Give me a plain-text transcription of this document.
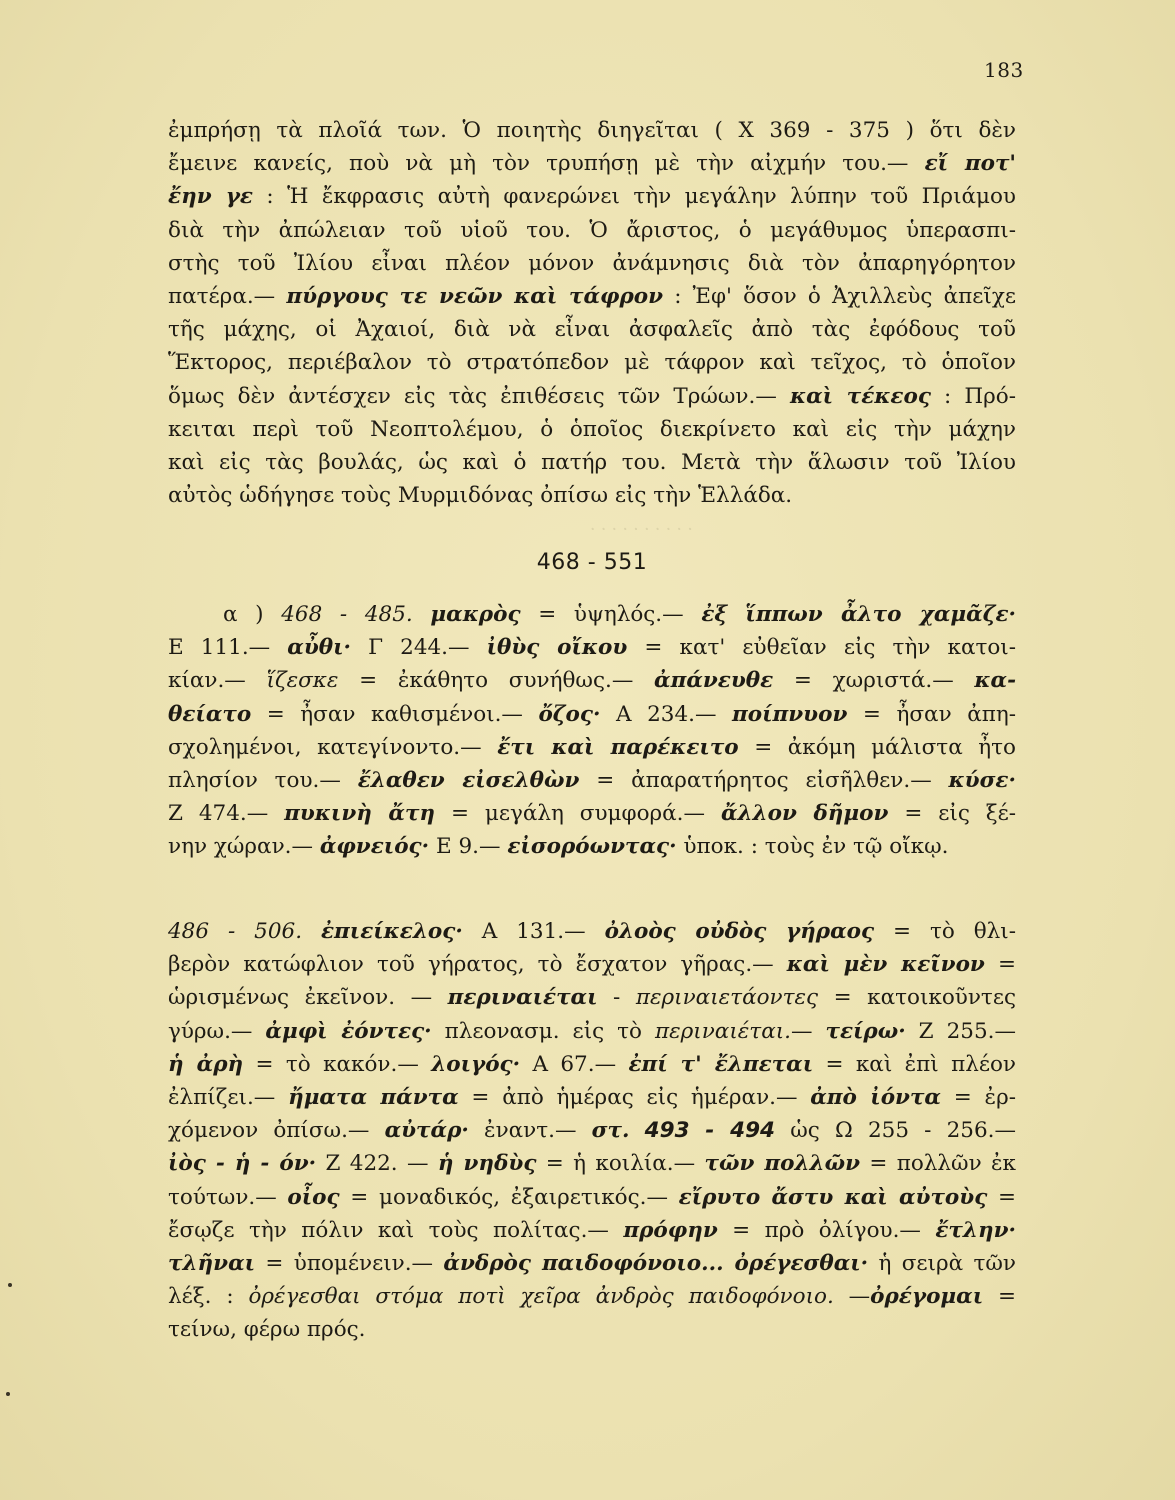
· · · · · · · · · ·
183
ἐμπρήσῃ τὰ πλοῖά των. Ὁ ποιητὴς διηγεῖται ( Χ 369 - 375 ) ὅτι δὲν
ἔμεινε κανείς, ποὺ νὰ μὴ τὸν τρυπήσῃ μὲ τὴν αἰχμήν του.— εἴ ποτ'
ἔην γε : Ἡ ἔκφρασις αὐτὴ φανερώνει τὴν μεγάλην λύπην τοῦ Πριάμου
διὰ τὴν ἀπώλειαν τοῦ υἱοῦ του. Ὁ ἄριστος, ὁ μεγάθυμος ὑπερασπι-
στὴς τοῦ Ἰλίου εἶναι πλέον μόνον ἀνάμνησις διὰ τὸν ἀπαρηγόρητον
πατέρα.— πύργους τε νεῶν καὶ τάφρον : Ἐφ' ὅσον ὁ Ἀχιλλεὺς ἀπεῖχε
τῆς μάχης, οἱ Ἀχαιοί, διὰ νὰ εἶναι ἀσφαλεῖς ἀπὸ τὰς ἐφόδους τοῦ
Ἕκτορος, περιέβαλον τὸ στρατόπεδον μὲ τάφρον καὶ τεῖχος, τὸ ὁποῖον
ὅμως δὲν ἀντέσχεν εἰς τὰς ἐπιθέσεις τῶν Τρώων.— καὶ τέκεος : Πρό-
κειται περὶ τοῦ Νεοπτολέμου, ὁ ὁποῖος διεκρίνετο καὶ εἰς τὴν μάχην
καὶ εἰς τὰς βουλάς, ὡς καὶ ὁ πατήρ του. Μετὰ τὴν ἅλωσιν τοῦ Ἰλίου
αὐτὸς ὡδήγησε τοὺς Μυρμιδόνας ὀπίσω εἰς τὴν Ἑλλάδα.
468 - 551
α ) 468 - 485. μακρὸς = ὑψηλός.— ἐξ ἵππων ἆλτο χαμᾶζε·
Ε 111.— αὖθι· Γ 244.— ἰθὺς οἴκου = κατ' εὐθεῖαν εἰς τὴν κατοι-
κίαν.— ἵζεσκε = ἐκάθητο συνήθως.— ἀπάνευθε = χωριστά.— κα-
θείατο = ἦσαν καθισμένοι.— ὄζος· Α 234.— ποίπνυον = ἦσαν ἀπη-
σχολημένοι, κατεγίνοντο.— ἔτι καὶ παρέκειτο = ἀκόμη μάλιστα ἦτο
πλησίον του.— ἔλαθεν εἰσελθὼν = ἀπαρατήρητος εἰσῆλθεν.— κύσε·
Ζ 474.— πυκινὴ ἄτη = μεγάλη συμφορά.— ἄλλον δῆμον = εἰς ξέ-
νην χώραν.— ἀφνειός· Ε 9.— εἰσορόωντας· ὑποκ. : τοὺς ἐν τῷ οἴκῳ.
486 - 506. ἐπιείκελος· Α 131.— ὀλοὸς οὐδὸς γήραος = τὸ θλι-
βερὸν κατώφλιον τοῦ γήρατος, τὸ ἔσχατον γῆρας.— καὶ μὲν κεῖνον =
ὡρισμένως ἐκεῖνον. — περιναιέται - περιναιετάοντες = κατοικοῦντες
γύρω.— ἀμφὶ ἐόντες· πλεονασμ. εἰς τὸ περιναιέται.— τείρω· Ζ 255.—
ἡ ἀρὴ = τὸ κακόν.— λοιγός· Α 67.— ἐπί τ' ἔλπεται = καὶ ἐπὶ πλέον
ἐλπίζει.— ἤματα πάντα = ἀπὸ ἡμέρας εἰς ἡμέραν.— ἀπὸ ἰόντα = ἐρ-
χόμενον ὀπίσω.— αὐτάρ· ἐναντ.— στ. 493 - 494 ὡς Ω 255 - 256.—
ἰὸς - ἡ - όν· Ζ 422. — ἡ νηδὺς = ἡ κοιλία.— τῶν πολλῶν = πολλῶν ἐκ
τούτων.— οἶος = μοναδικός, ἐξαιρετικός.— εἴρυτο ἄστυ καὶ αὐτοὺς =
ἔσῳζε τὴν πόλιν καὶ τοὺς πολίτας.— πρόφην = πρὸ ὀλίγου.— ἔτλην·
τλῆναι = ὑπομένειν.— ἀνδρὸς παιδοφόνοιο... ὀρέγεσθαι· ἡ σειρὰ τῶν
λέξ. : ὀρέγεσθαι στόμα ποτὶ χεῖρα ἀνδρὸς παιδοφόνοιο. —ὀρέγομαι =
τείνω, φέρω πρός.
